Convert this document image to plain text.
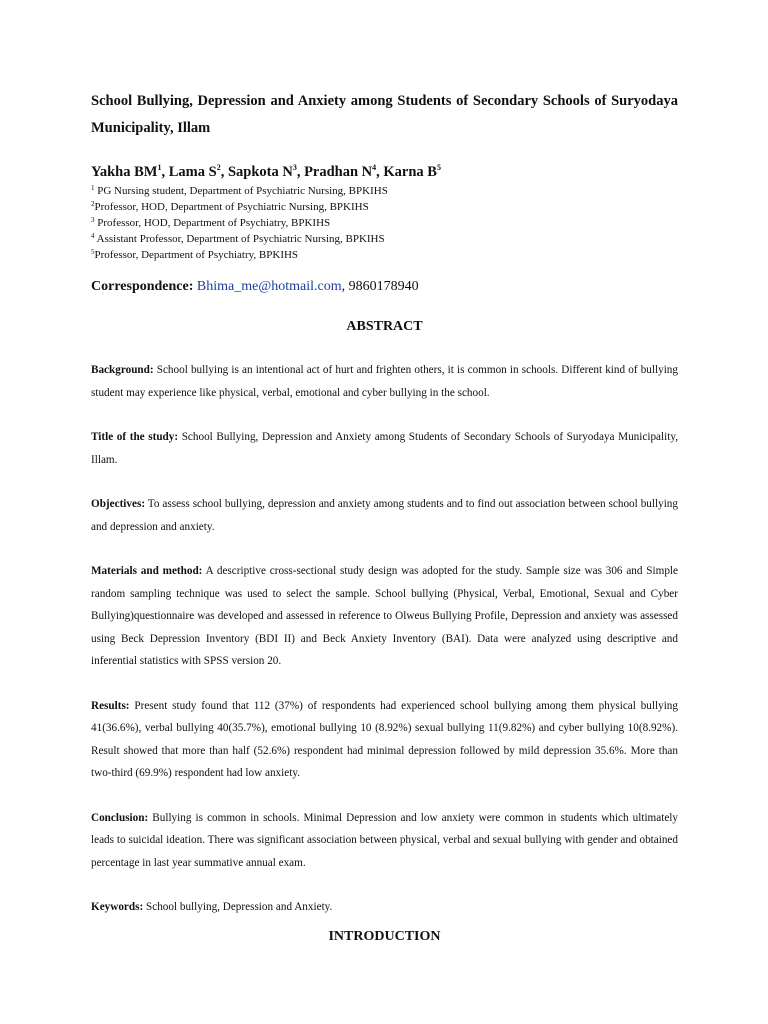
School Bullying, Depression and Anxiety among Students of Secondary Schools of Suryodaya Municipality, Illam

Yakha $BM^1$, Lama $S^2$, Sapkota $N^3$, Pradhan $N^4$, Karna $B^5$
$^1$ PG Nursing student, Department of Psychiatric Nursing, BPKIHS
$^2$Professor, HOD, Department of Psychiatric Nursing, BPKIHS
$^3$ Professor, HOD, Department of Psychiatry, BPKIHS
$^4$ Assistant Professor, Department of Psychiatric Nursing, BPKIHS
$^5$Professor, Department of Psychiatry, BPKIHS
Correspondence: Bhima_me@hotmail.com, 9860178940
ABSTRACT

Background: School bullying is an intentional act of hurt and frighten others, it is common in schools. Different kind of bullying student may experience like physical, verbal, emotional and cyber bullying in the school.

Title of the study: School Bullying, Depression and Anxiety among Students of Secondary Schools of Suryodaya Municipality, Illam.

Objectives: To assess school bullying, depression and anxiety among students and to find out association between school bullying and depression and anxiety.

Materials and method: A descriptive cross-sectional study design was adopted for the study. Sample size was 306 and Simple random sampling technique was used to select the sample. School bullying (Physical, Verbal, Emotional, Sexual and Cyber Bullying)questionnaire was developed and assessed in reference to Olweus Bullying Profile, Depression and anxiety was assessed using Beck Depression Inventory (BDI II) and Beck Anxiety Inventory (BAI). Data were analyzed using descriptive and inferential statistics with SPSS version 20.

Results: Present study found that 112 (37%) of respondents had experienced school bullying among them physical bullying 41(36.6%), verbal bullying 40(35.7%), emotional bullying 10 (8.92%) sexual bullying 11(9.82%) and cyber bullying 10(8.92%). Result showed that more than half (52.6%) respondent had minimal depression followed by mild depression 35.6%. More than two-third (69.9%) respondent had low anxiety.

Conclusion: Bullying is common in schools. Minimal Depression and low anxiety were common in students which ultimately leads to suicidal ideation. There was significant association between physical, verbal and sexual bullying with gender and obtained percentage in last year summative annual exam.

Keywords: School bullying, Depression and Anxiety.

INTRODUCTION
